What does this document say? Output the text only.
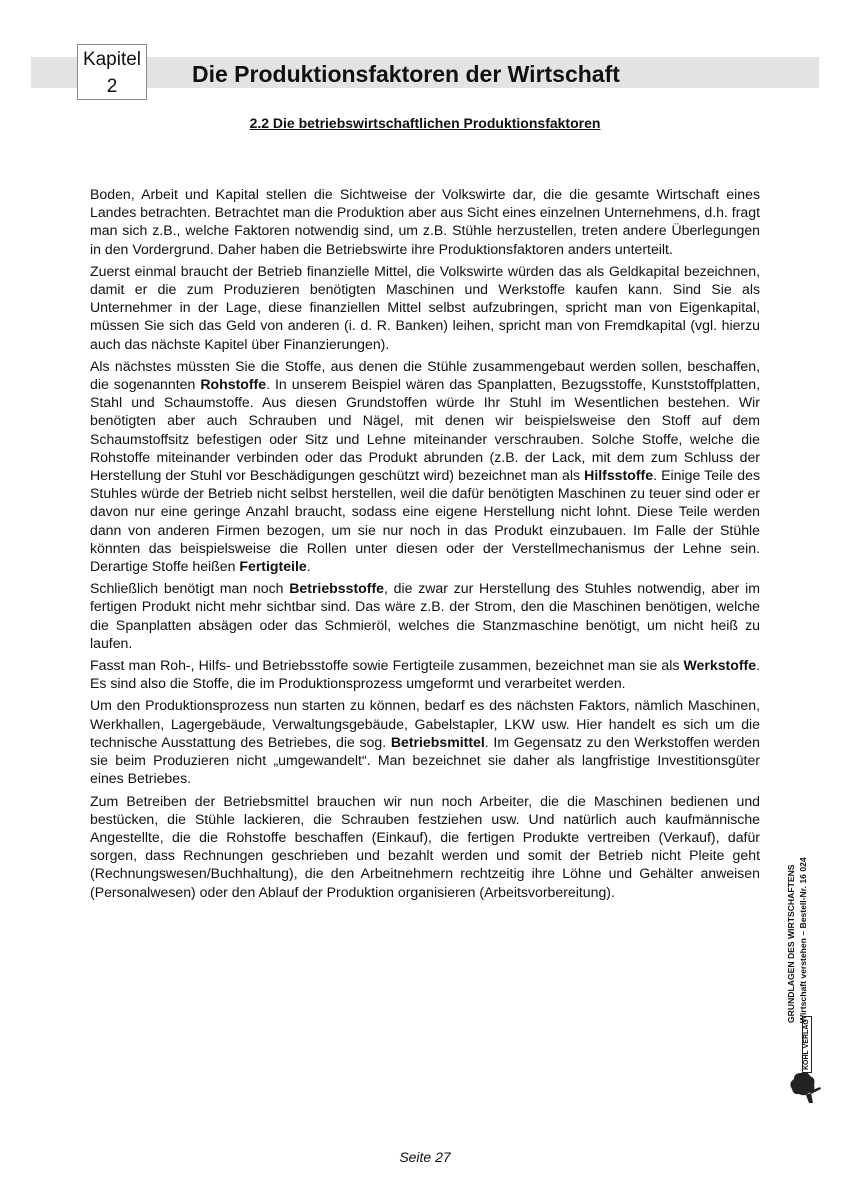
Kapitel
2	Die Produktionsfaktoren der Wirtschaft
2.2 Die betriebswirtschaftlichen Produktionsfaktoren

Boden, Arbeit und Kapital stellen die Sichtweise der Volkswirte dar, die die gesamte Wirtschaft eines Landes betrachten. Betrachtet man die Produktion aber aus Sicht eines einzelnen Unternehmens, d.h. fragt man sich z.B., welche Faktoren notwendig sind, um z.B. Stühle herzustellen, treten andere Überlegungen in den Vordergrund. Daher haben die Betriebswirte ihre Produktionsfaktoren anders unterteilt.

Zuerst einmal braucht der Betrieb finanzielle Mittel, die Volkswirte würden das als Geldkapital bezeichnen, damit er die zum Produzieren benötigten Maschinen und Werkstoffe kaufen kann. Sind Sie als Unternehmer in der Lage, diese finanziellen Mittel selbst aufzubringen, spricht man von Eigenkapital, müssen Sie sich das Geld von anderen (i. d. R. Banken) leihen, spricht man von Fremdkapital (vgl. hierzu auch das nächste Kapitel über Finanzierungen).

Als nächstes müssten Sie die Stoffe, aus denen die Stühle zusammengebaut werden sollen, beschaffen, die sogenannten Rohstoffe. In unserem Beispiel wären das Spanplatten, Bezugsstoffe, Kunststoffplatten, Stahl und Schaumstoffe. Aus diesen Grundstoffen würde Ihr Stuhl im Wesentlichen bestehen. Wir benötigten aber auch Schrauben und Nägel, mit denen wir beispielsweise den Stoff auf dem Schaumstoffsitz befestigen oder Sitz und Lehne miteinander verschrauben. Solche Stoffe, welche die Rohstoffe miteinander verbinden oder das Produkt abrunden (z.B. der Lack, mit dem zum Schluss der Herstellung der Stuhl vor Beschädigungen geschützt wird) bezeichnet man als Hilfsstoffe. Einige Teile des Stuhles würde der Betrieb nicht selbst herstellen, weil die dafür benötigten Maschinen zu teuer sind oder er davon nur eine geringe Anzahl braucht, sodass eine eigene Herstellung nicht lohnt. Diese Teile werden dann von anderen Firmen bezogen, um sie nur noch in das Produkt einzubauen. Im Falle der Stühle könnten das beispielsweise die Rollen unter diesen oder der Verstellmechanismus der Lehne sein. Derartige Stoffe heißen Fertigteile.

Schließlich benötigt man noch Betriebsstoffe, die zwar zur Herstellung des Stuhles notwendig, aber im fertigen Produkt nicht mehr sichtbar sind. Das wäre z.B. der Strom, den die Maschinen benötigen, welche die Spanplatten absägen oder das Schmieröl, welches die Stanzmaschine benötigt, um nicht heiß zu laufen.

Fasst man Roh-, Hilfs- und Betriebsstoffe sowie Fertigteile zusammen, bezeichnet man sie als Werkstoffe. Es sind also die Stoffe, die im Produktionsprozess umgeformt und verarbeitet werden.

Um den Produktionsprozess nun starten zu können, bedarf es des nächsten Faktors, nämlich Maschinen, Werkhallen, Lagergebäude, Verwaltungsgebäude, Gabelstapler, LKW usw. Hier handelt es sich um die technische Ausstattung des Betriebes, die sog. Betriebsmittel. Im Gegensatz zu den Werkstoffen werden sie beim Produzieren nicht „umgewandelt“. Man bezeichnet sie daher als langfristige Investitionsgüter eines Betriebes.

Zum Betreiben der Betriebsmittel brauchen wir nun noch Arbeiter, die die Maschinen bedienen und bestücken, die Stühle lackieren, die Schrauben festziehen usw. Und natürlich auch kaufmännische Angestellte, die die Rohstoffe beschaffen (Einkauf), die fertigen Produkte vertreiben (Verkauf), dafür sorgen, dass Rechnungen geschrieben und bezahlt werden und somit der Betrieb nicht Pleite geht (Rechnungswesen/Buchhaltung), die den Arbeitnehmern rechtzeitig ihre Löhne und Gehälter anweisen (Personalwesen) oder den Ablauf der Produktion organisieren (Arbeitsvorbereitung).	GRUNDLAGEN DES WIRTSCHAFTENS Wirtschaft verstehen – Bestell-Nr. 16 024
KOHL VERLAG
Seite 27
